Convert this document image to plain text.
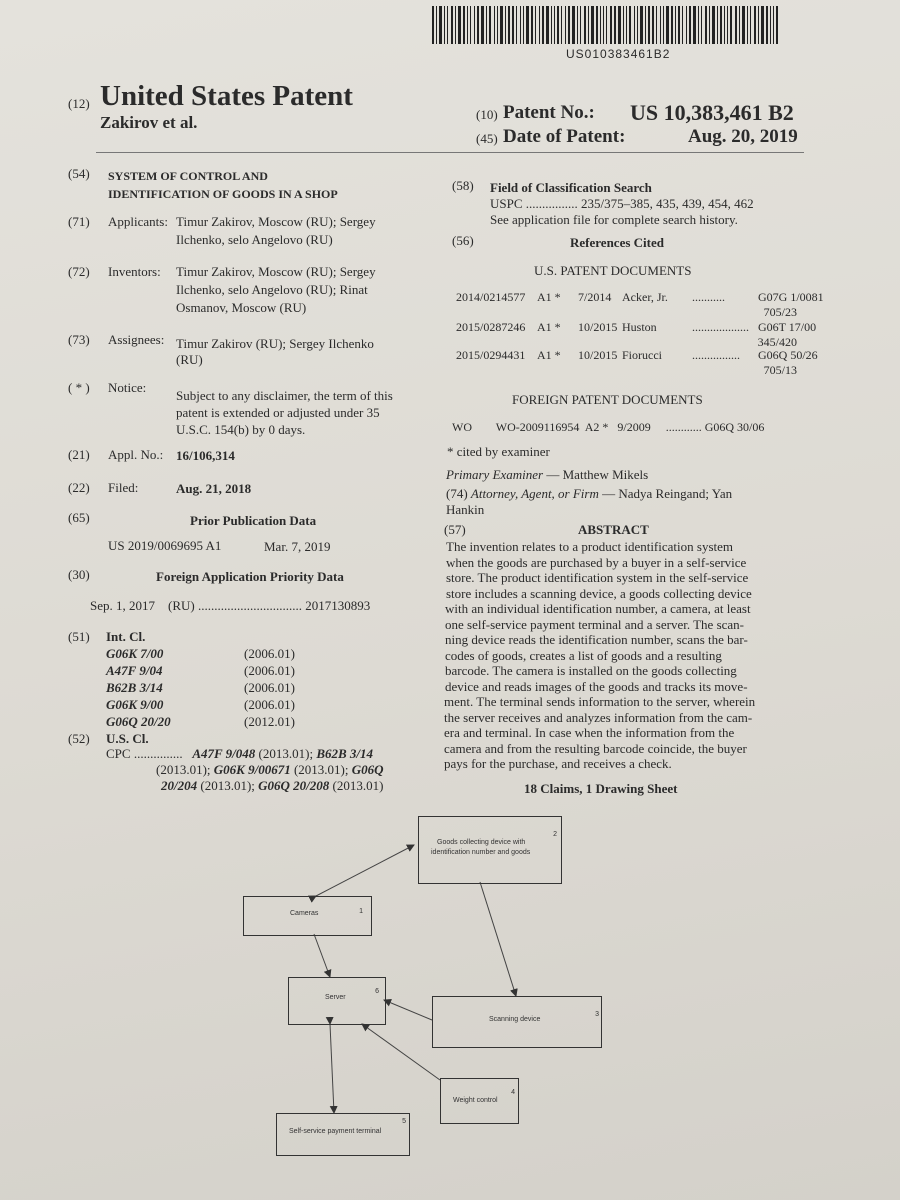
US010383461B2
(12) United States Patent
Zakirov et al.	(10) Patent No.: US 10,383,461 B2
(45) Date of Patent:	Aug. 20, 2019
(54) SYSTEM OF CONTROL AND
IDENTIFICATION OF GOODS IN A SHOP
(71) Applicants: Timur Zakirov, Moscow (RU); Sergey
Ilchenko, selo Angelovo (RU)
(72) Inventors: Timur Zakirov, Moscow (RU); Sergey
Ilchenko, selo Angelovo (RU); Rinat
Osmanov, Moscow (RU)
(73) Assignees: Timur Zakirov (RU); Sergey Ilchenko
(RU)
( * ) Notice:
Subject to any disclaimer, the term of this
patent is extended or adjusted under 35
U.S.C. 154(b) by 0 days.
(21) Appl. No.: 16/106,314
(22) Filed:	Aug. 21, 2018
(65)	Prior Publication Data
US 2019/0069695 A1	Mar. 7, 2019
(30)	Foreign Application Priority Data
Sep. 1, 2017    (RU) ................................ 2017130893
(51) Int. Cl.
G06K 7/00	(2006.01)
A47F 9/04	(2006.01)
B62B 3/14	(2006.01)
G06K 9/00	(2006.01)
G06Q 20/20	(2012.01)
(52) U.S. Cl.
CPC ............... A47F 9/048 (2013.01); B62B 3/14
(2013.01); G06K 9/00671 (2013.01); G06Q
20/204 (2013.01); G06Q 20/208 (2013.01)
(58) Field of Classification Search
USPC ................ 235/375–385, 435, 439, 454, 462
See application file for complete search history.
(56)	References Cited
U.S. PATENT DOCUMENTS
2014/0214577 A1 * 7/2014 Acker, Jr. ...........	G07G 1/0081
705/23
2015/0287246 A1 * 10/2015 Huston	................... G06T 17/00
345/420
2015/0294431 A1 * 10/2015 Fiorucci	................ G06Q 50/26
705/13
FOREIGN PATENT DOCUMENTS
WO WO-2009116954 A2 * 9/2009 ............ G06Q 30/06
* cited by examiner
Primary Examiner — Matthew Mikels
(74) Attorney, Agent, or Firm — Nadya Reingand; Yan
Hankin
(57)	ABSTRACT
The invention relates to a product identification system
when the goods are purchased by a buyer in a self-service
store. The product identification system in the self-service
store includes a scanning device, a goods collecting device
with an individual identification number, a camera, at least
one self-service payment terminal and a server. The scan-
ning device reads the identification number, scans the bar-
codes of goods, creates a list of goods and a resulting
barcode. The camera is installed on the goods collecting
device and reads images of the goods and tracks its move-
ment. The terminal sends information to the server, wherein
the server receives and analyzes information from the cam-
era and terminal. In case when the information from the
camera and from the resulting barcode coincide, the buyer
pays for the purchase, and receives a check.
18 Claims, 1 Drawing Sheet
Goods collecting device with
identification number and goods
2
Cameras	1
Server
6
Scanning device
3
Weight control
4
Self-service payment terminal
5
